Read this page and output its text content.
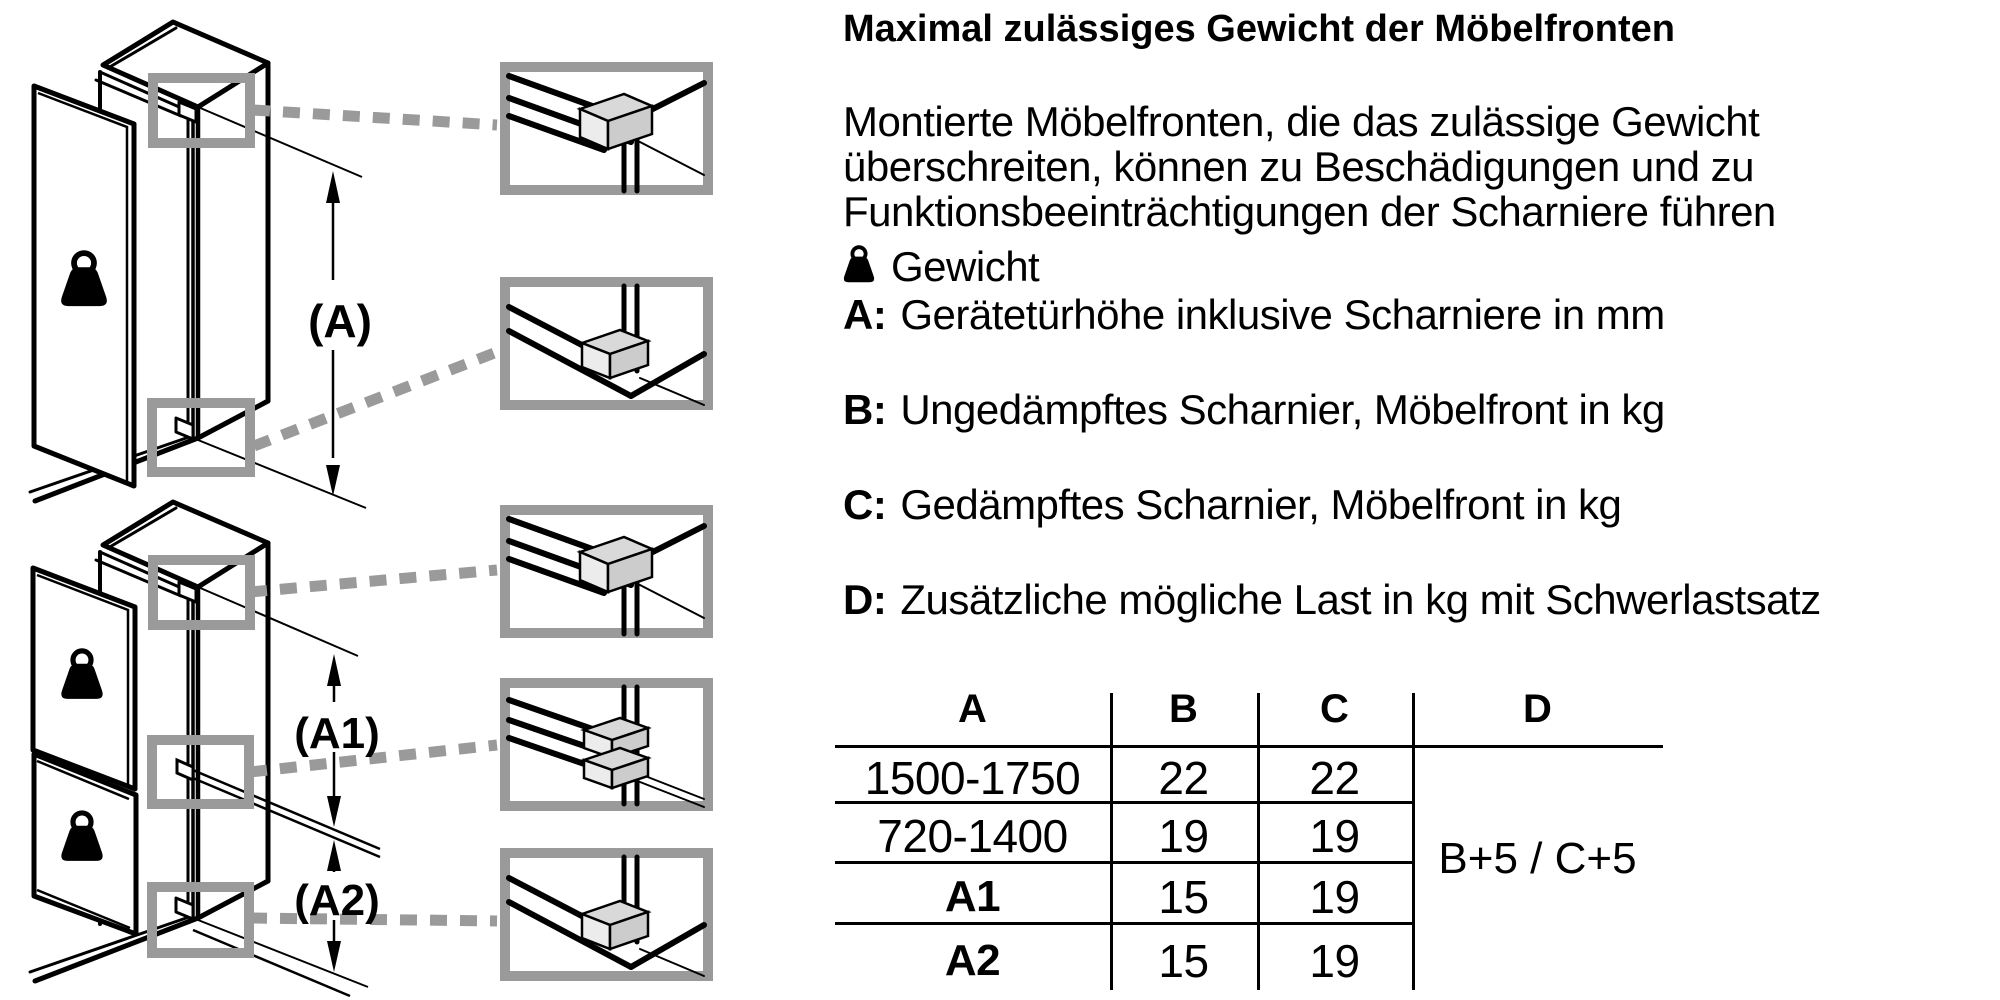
(A)
(A1)
(A2)
Maximal zulässiges Gewicht der Möbelfronten
Montierte Möbelfronten, die das zulässige Gewicht überschreiten, können zu Beschädigungen und zu Funktionsbeeinträchtigungen der Scharniere führen
Gewicht
A: Gerätetürhöhe inklusive Scharniere in mm
B: Ungedämpftes Scharnier, Möbelfront in kg
C: Gedämpftes Scharnier, Möbelfront in kg
D: Zusätzliche mögliche Last in kg mit Schwerlastsatz
A	B	C	D
1500-1750	22	22
720-1400	19	19
A1	15	19
A2	15	19
B+5 / C+5
